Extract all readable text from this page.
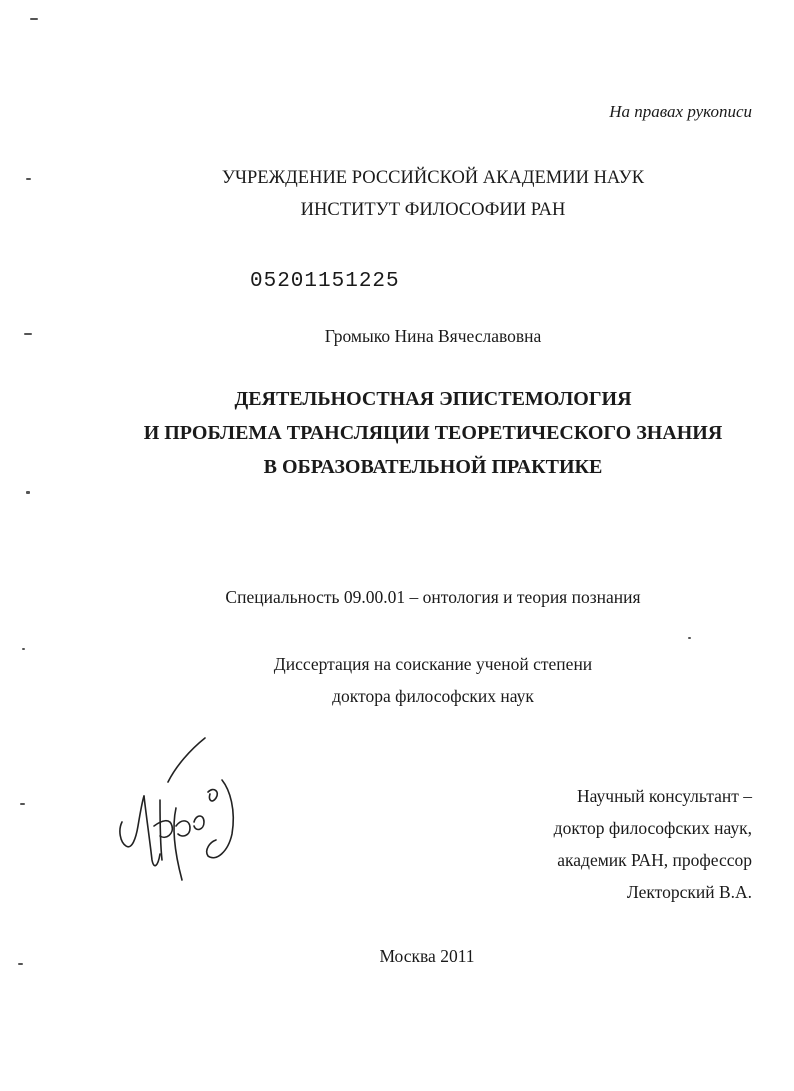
На правах рукописи
УЧРЕЖДЕНИЕ РОССИЙСКОЙ АКАДЕМИИ НАУК
ИНСТИТУТ ФИЛОСОФИИ РАН
05201151225
Громыко Нина Вячеславовна
ДЕЯТЕЛЬНОСТНАЯ ЭПИСТЕМОЛОГИЯ
И ПРОБЛЕМА ТРАНСЛЯЦИИ ТЕОРЕТИЧЕСКОГО ЗНАНИЯ
В ОБРАЗОВАТЕЛЬНОЙ ПРАКТИКЕ
Специальность 09.00.01 – онтология и теория познания
Диссертация на соискание ученой степени
доктора философских наук
Научный консультант –
доктор философских наук,
академик РАН, профессор
Лекторский В.А.
Москва 2011
